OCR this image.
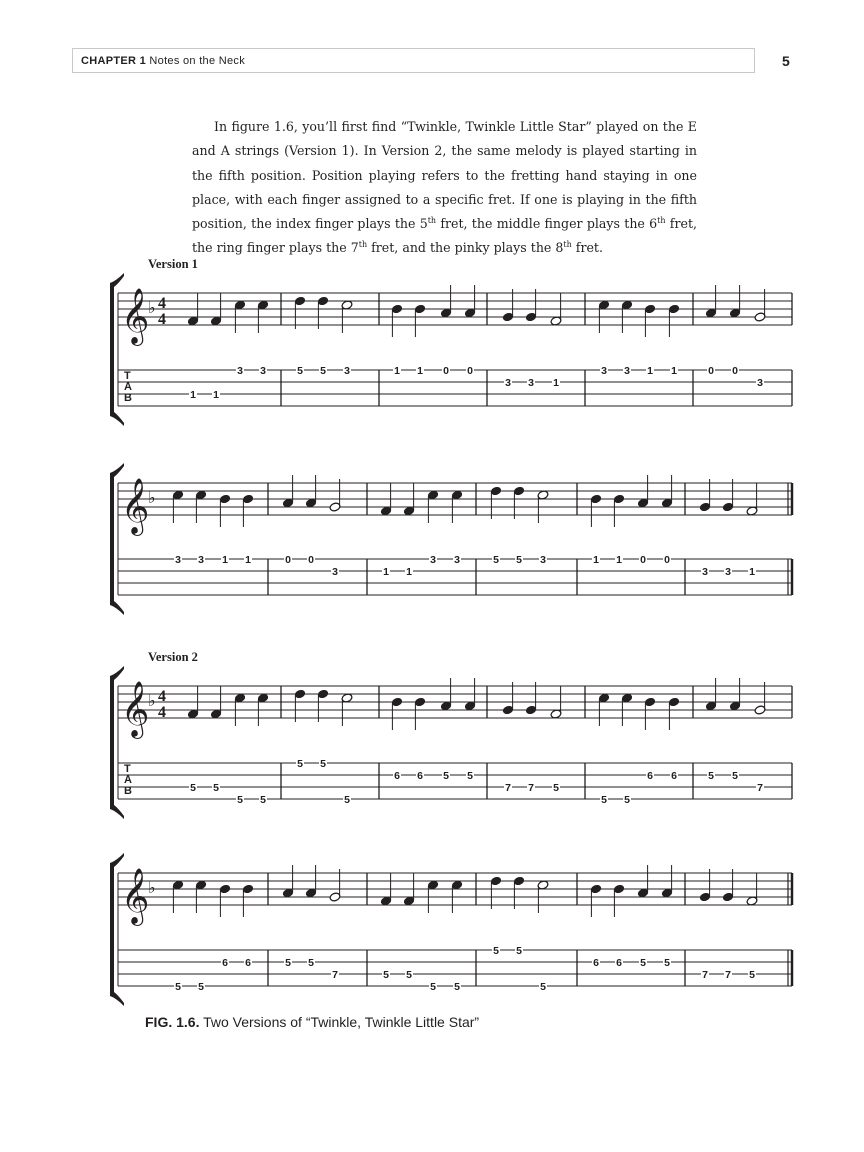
CHAPTER 1 Notes on the Neck	5

In figure 1.6, you’ll first find “Twinkle, Twinkle Little Star” played on the E and A strings (Version 1). In Version 2, the same melody is played starting in the fifth position. Position playing refers to the fretting hand staying in one place, with each finger assigned to a specific fret. If one is playing in the fifth position, the index finger plays the 5th fret, the middle finger plays the 6th fret, the ring finger plays the 7th fret, and the pinky plays the 8th fret.

Version 1
Version 2
𝄞
♭ 4
4
T
A
B	1 1
3 3	5 5 3	1 1 0 0
3 3 1
3 3 1 1	0 0
3
𝄞
♭
3 3 1 1	0 0
3	1 1
3 3	5 5 3	1 1 0 0
3 3 1
𝄞
♭ 4
4
T
A
B	5 5
5 5
5 5
5
6 6 5 5
7 7 5
5 5
6 6	5 5
7
𝄞
♭
5 5
6 6	5 5
7	5 5
5 5
5 5
5
6 6 5 5
7 7 5
FIG. 1.6. Two Versions of “Twinkle, Twinkle Little Star”
